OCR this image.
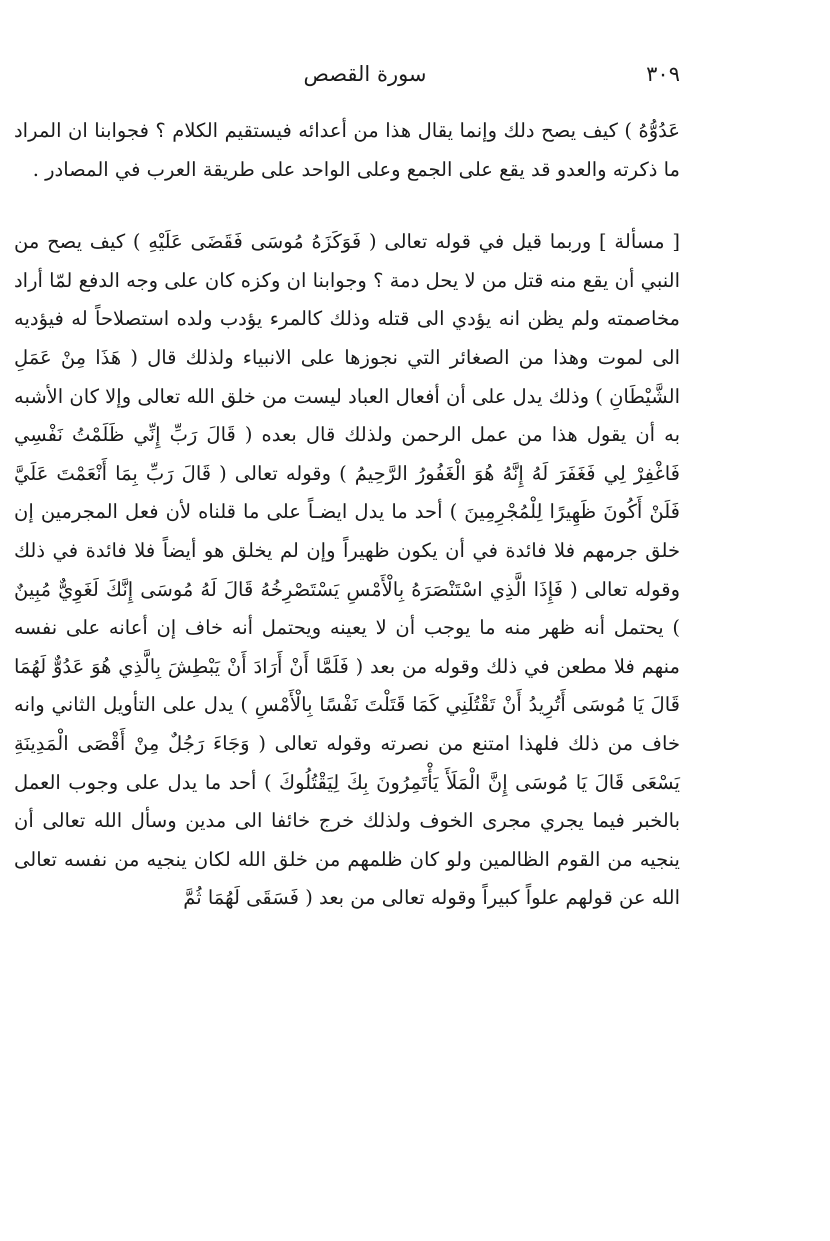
سورة القصص	٣٠٩

عَدُوُّهُ ) كيف يصح دلك وإنما يقال هذا من أعدائه فيستقيم الكلام ؟ فجوابنا ان المراد ما ذكرته والعدو قد يقع على الجمع وعلى الواحد على طريقة العرب في المصادر .

[ مسألة ] وربما قيل في قوله تعالى ( فَوَكَزَهُ مُوسَى فَقَضَى عَلَيْهِ ) كيف يصح من النبي أن يقع منه قتل من لا يحل دمة ؟ وجوابنا ان وكزه كان على وجه الدفع لمّا أراد مخاصمته ولم يظن انه يؤدي الى قتله وذلك كالمرء يؤدب ولده استصلاحاً له فيؤديه الى لموت وهذا من الصغائر التي نجوزها على الانبياء ولذلك قال ( هَذَا مِنْ عَمَلِ الشَّيْطَانِ ) وذلك يدل على أن أفعال العباد ليست من خلق الله تعالى وإلا كان الأشبه به أن يقول هذا من عمل الرحمن ولذلك قال بعده ( قَالَ رَبِّ إِنِّي ظَلَمْتُ نَفْسِي فَاغْفِرْ لِي فَغَفَرَ لَهُ إِنَّهُ هُوَ الْغَفُورُ الرَّحِيمُ ) وقوله تعالى ( قَالَ رَبِّ بِمَا أَنْعَمْتَ عَلَيَّ فَلَنْ أَكُونَ ظَهِيرًا لِلْمُجْرِمِينَ ) أحد ما يدل ايضـاً على ما قلناه لأن فعل المجرمين إن خلق جرمهم فلا فائدة في أن يكون ظهيراً وإن لم يخلق هو أيضاً فلا فائدة في ذلك وقوله تعالى ( فَإِذَا الَّذِي اسْتَنْصَرَهُ بِالْأَمْسِ يَسْتَصْرِخُهُ قَالَ لَهُ مُوسَى إِنَّكَ لَغَوِيٌّ مُبِينٌ ) يحتمل أنه ظهر منه ما يوجب أن لا يعينه ويحتمل أنه خاف إن أعانه على نفسه منهم فلا مطعن في ذلك وقوله من بعد ( فَلَمَّا أَنْ أَرَادَ أَنْ يَبْطِشَ بِالَّذِي هُوَ عَدُوٌّ لَهُمَا قَالَ يَا مُوسَى أَتُرِيدُ أَنْ تَقْتُلَنِي كَمَا قَتَلْتَ نَفْسًا بِالْأَمْسِ ) يدل على التأويل الثاني وانه خاف من ذلك فلهذا امتنع من نصرته وقوله تعالى ( وَجَاءَ رَجُلٌ مِنْ أَقْصَى الْمَدِينَةِ يَسْعَى قَالَ يَا مُوسَى إِنَّ الْمَلَأَ يَأْتَمِرُونَ بِكَ لِيَقْتُلُوكَ ) أحد ما يدل على وجوب العمل بالخبر فيما يجري مجرى الخوف ولذلك خرج خائفا الى مدين وسأل الله تعالى أن ينجيه من القوم الظالمين ولو كان ظلمهم من خلق الله لكان ينجيه من نفسه تعالى الله عن قولهم علواً كبيراً وقوله تعالى من بعد ( فَسَقَى لَهُمَا ثُمَّ
